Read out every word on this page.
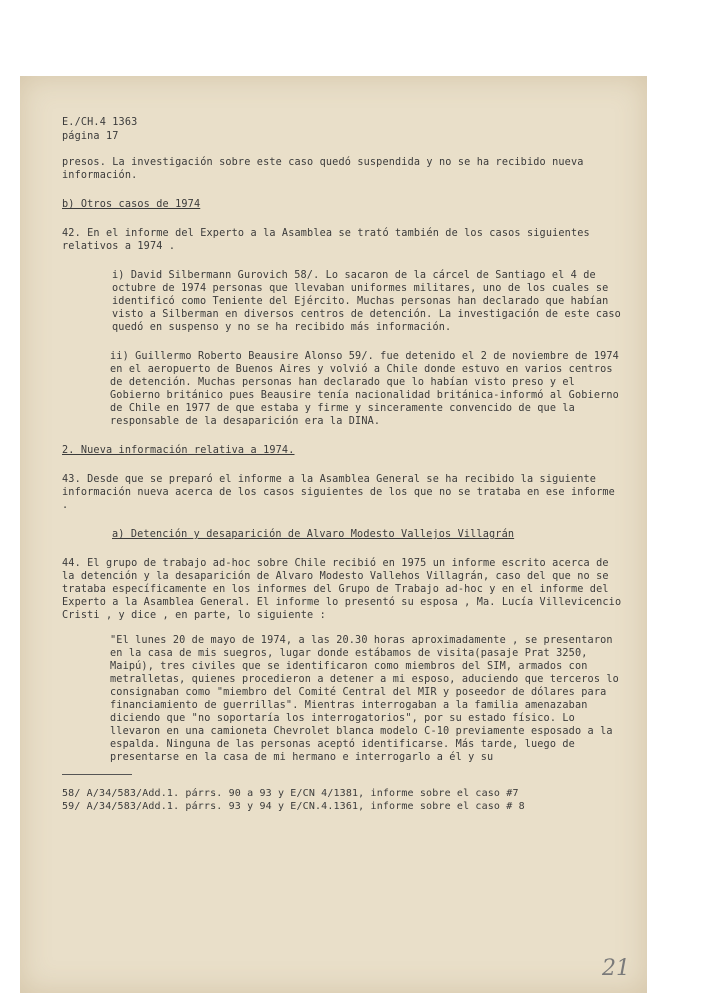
E./CH.4 1363

página 17

presos. La investigación sobre este caso quedó suspendida y no se ha recibido nueva información.

b) Otros casos de 1974

42. En el informe del Experto a la Asamblea se trató también de los casos siguientes relativos a 1974 .

i) David Silbermann Gurovich 58/. Lo sacaron de la cárcel de Santiago el 4 de octubre de 1974 personas que llevaban uniformes militares, uno de los cuales se identificó como Teniente del Ejército. Muchas personas han declarado que habían visto a Silberman en diversos centros de detención. La investigación de este caso quedó en suspenso y no se ha recibido más información.

ii) Guillermo Roberto Beausire Alonso 59/. fue detenido el 2 de noviembre de 1974 en el aeropuerto de Buenos Aires y volvió a Chile donde estuvo en varios centros de detención. Muchas personas han declarado que lo habían visto preso y el Gobierno británico pues Beausire tenía nacionalidad británica-informó al Gobierno de Chile en 1977 de que estaba y firme y sinceramente convencido de que la responsable de la desaparición era la DINA.

2. Nueva información relativa a 1974.

43. Desde que se preparó el informe a la Asamblea General se ha recibido la siguiente información nueva acerca de los casos siguientes de los que no se trataba en ese informe .

a) Detención y desaparición de Alvaro Modesto Vallejos Villagrán

44. El grupo de trabajo ad-hoc sobre Chile recibió en 1975 un informe escrito acerca de la detención y la desaparición de Alvaro Modesto Vallehos Villagrán, caso del que no se trataba específicamente en los informes del Grupo de Trabajo ad-hoc y en el informe del Experto a la Asamblea General. El informe lo presentó su esposa , Ma. Lucía Villevicencio Cristi , y dice , en parte, lo siguiente :

"El lunes 20 de mayo de 1974, a las 20.30 horas aproximadamente , se presentaron en la casa de mis suegros, lugar donde estábamos de visita(pasaje Prat 3250, Maipú), tres civiles que se identificaron como miembros del SIM, armados con metralletas, quienes procedieron a detener a mi esposo, aduciendo que terceros lo consignaban como "miembro del Comité Central del MIR y poseedor de dólares para financiamiento de guerrillas". Mientras interrogaban a la familia amenazaban diciendo que "no soportaría los interrogatorios", por su estado físico. Lo llevaron en una camioneta Chevrolet blanca modelo C-10 previamente esposado a la espalda. Ninguna de las personas aceptó identificarse. Más tarde, luego de presentarse en la casa de mi hermano e interrogarlo a él y su

58/ A/34/583/Add.1. párrs. 90 a 93 y E/CN 4/1381, informe sobre el caso #7

59/ A/34/583/Add.1. párrs. 93 y 94 y E/CN.4.1361, informe sobre el caso # 8

21
